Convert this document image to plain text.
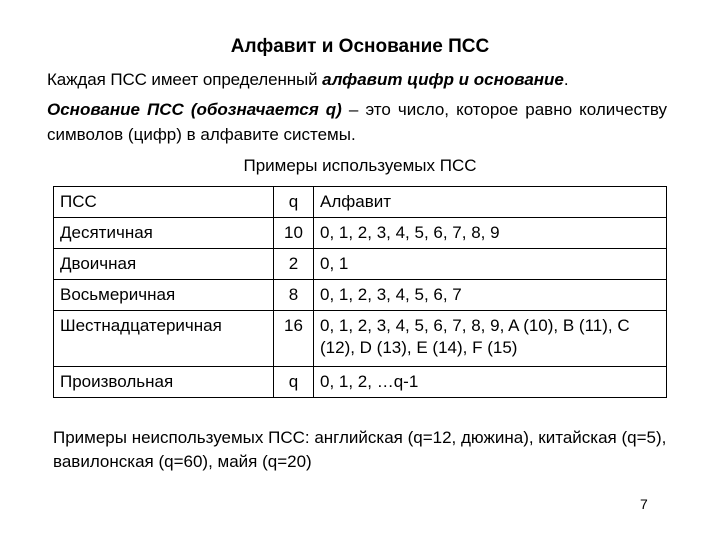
Алфавит и Основание ПСС
Каждая ПСС имеет определенный алфавит цифр и основание.
Основание ПСС (обозначается q) – это число, которое равно количеству символов (цифр) в алфавите системы.
Примеры используемых ПСС
ПСС	q	Алфавит
Десятичная	10	0, 1, 2, 3, 4, 5, 6, 7, 8, 9
Двоичная	2	0, 1
Восьмеричная	8	0, 1, 2, 3, 4, 5, 6, 7
Шестнадцатеричная	16	0, 1, 2, 3, 4, 5, 6, 7, 8, 9, A (10), B (11), C (12), D (13), E (14), F (15)
Произвольная	q	0, 1, 2, …q-1
Примеры неиспользуемых ПСС: английская (q=12, дюжина), китайская (q=5), вавилонская (q=60), майя (q=20)
7
